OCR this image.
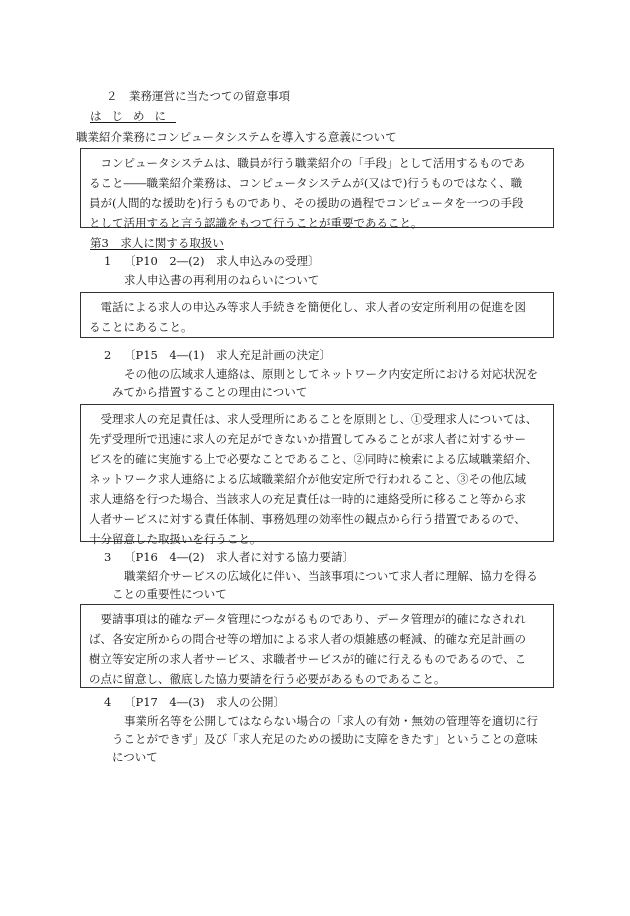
２　業務運営に当たつての留意事項
はじめに
職業紹介業務にコンピュータシステムを導入する意義について

　コンピュータシステムは、職員が行う職業紹介の「手段」として活用するものであ

ること――職業紹介業務は、コンピュータシステムが(又はで)行うものではなく、職

員が(人間的な援助を)行うものであり、その援助の過程でコンピュータを一つの手段

として活用すると言う認識をもつて行うことが重要であること。

第3　求人に関する取扱い
1 〔P10　2―(2)　求人申込みの受理〕
求人申込書の再利用のねらいについて

　電話による求人の申込み等求人手続きを簡便化し、求人者の安定所利用の促進を図

ることにあること。

2 〔P15　4―(1)　求人充足計画の決定〕
その他の広域求人連絡は、原則としてネットワーク内安定所における対応状況を
みてから措置することの理由について

　受理求人の充足責任は、求人受理所にあることを原則とし、①受理求人については、

先ず受理所で迅速に求人の充足ができないか措置してみることが求人者に対するサー

ビスを的確に実施する上で必要なことであること、②同時に検索による広域職業紹介、

ネットワーク求人連絡による広域職業紹介が他安定所で行われること、③その他広域

求人連絡を行つた場合、当該求人の充足責任は一時的に連絡受所に移ること等から求

人者サービスに対する責任体制、事務処理の効率性の観点から行う措置であるので、

十分留意した取扱いを行うこと。

3 〔P16　4―(2)　求人者に対する協力要請〕
職業紹介サービスの広域化に伴い、当該事項について求人者に理解、協力を得る
ことの重要性について

　要請事項は的確なデータ管理につながるものであり、データ管理が的確になされれ

ば、各安定所からの問合せ等の増加による求人者の煩雑感の軽減、的確な充足計画の

樹立等安定所の求人者サービス、求職者サービスが的確に行えるものであるので、こ

の点に留意し、徹底した協力要請を行う必要があるものであること。

4 〔P17　4―(3)　求人の公開〕
事業所名等を公開してはならない場合の「求人の有効・無効の管理等を適切に行
うことができず」及び「求人充足のための援助に支障をきたす」ということの意味
について
